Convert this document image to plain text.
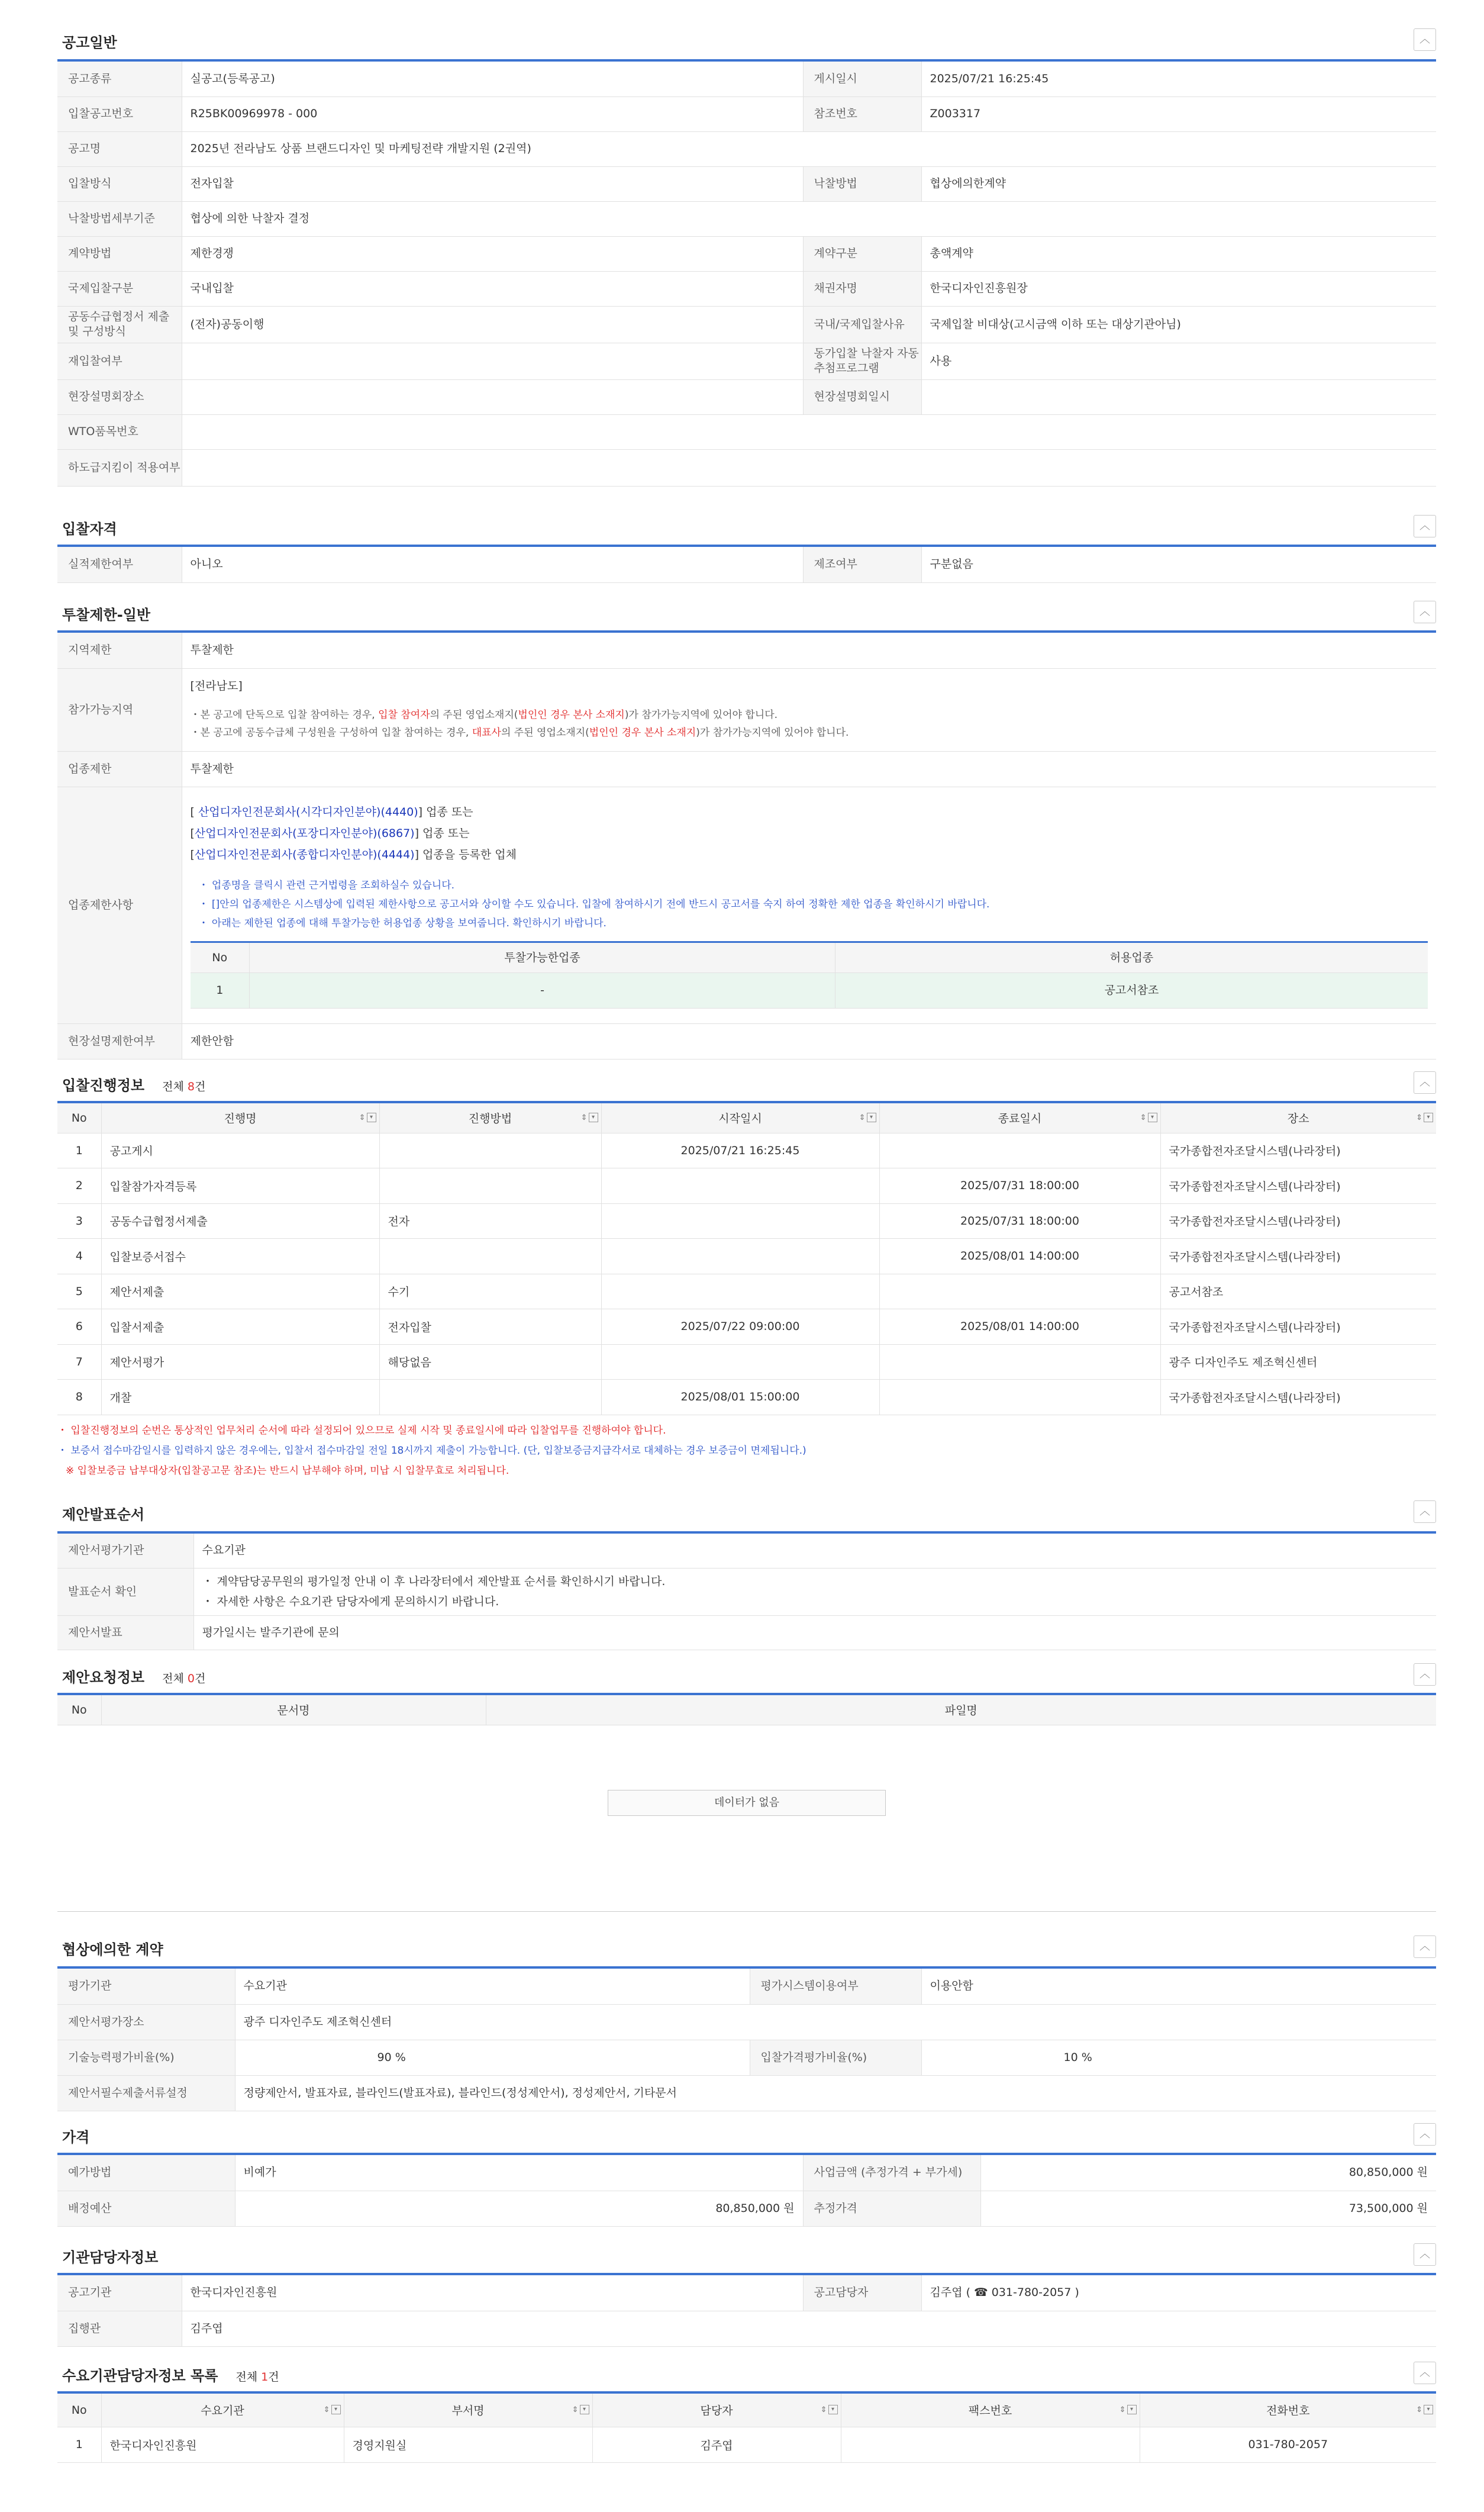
공고일반	︿
공고종류	실공고(등록공고)	게시일시	2025/07/21 16:25:45
입찰공고번호	R25BK00969978 - 000	참조번호	Z003317
공고명	2025년 전라남도 상품 브랜드디자인 및 마케팅전략 개발지원 (2권역)		
입찰방식	전자입찰	낙찰방법	협상에의한계약
낙찰방법세부기준	협상에 의한 낙찰자 결정		
계약방법	제한경쟁	계약구분	총액계약
국제입찰구분	국내입찰	채권자명	한국디자인진흥원장
공동수급협정서 제출 및 구성방식	(전자)공동이행	국내/국제입찰사유	국제입찰 비대상(고시금액 이하 또는 대상기관아님)
재입찰여부		동가입찰 낙찰자 자동추첨프로그램	사용
현장설명회장소		현장설명회일시	
WTO품목번호			
하도급지킴이 적용여부			
입찰자격	︿
실적제한여부	아니오	제조여부	구분없음
투찰제한-일반	︿
지역제한	투찰제한
참가가능지역	
[전라남도]
・본 공고에 단독으로 입찰 참여하는 경우, 입찰 참여자의 주된 영업소재지(법인인 경우 본사 소재지)가 참가가능지역에 있어야 합니다.
・본 공고에 공동수급체 구성원을 구성하여 입찰 참여하는 경우, 대표사의 주된 영업소재지(법인인 경우 본사 소재지)가 참가가능지역에 있어야 합니다.

업종제한	투찰제한
업종제한사항	
[ 산업디자인전문회사(시각디자인분야)(4440)] 업종 또는
[산업디자인전문회사(포장디자인분야)(6867)] 업종 또는
[산업디자인전문회사(종합디자인분야)(4444)] 업종을 등록한 업체
・ 업종명을 클릭시 관련 근거법령을 조회하실수 있습니다.
・ []안의 업종제한은 시스템상에 입력된 제한사항으로 공고서와 상이할 수도 있습니다. 입찰에 참여하시기 전에 반드시 공고서를 숙지 하여 정확한 제한 업종을 확인하시기 바랍니다.
・ 아래는 제한된 업종에 대해 투찰가능한 허용업종 상황을 보여줍니다. 확인하시기 바랍니다.
No	투찰가능한업종	허용업종
1	-	공고서참조

현장설명제한여부	제한안함
입찰진행정보 전체 8건	︿
No	진행명 ⇕ ▾	진행방법 ⇕ ▾	시작일시 ⇕ ▾	종료일시 ⇕ ▾	장소 ⇕ ▾

1	공고게시		2025/07/21 16:25:45		국가종합전자조달시스템(나라장터)
2	입찰참가자격등록			2025/07/31 18:00:00	국가종합전자조달시스템(나라장터)
3	공동수급협정서제출	전자		2025/07/31 18:00:00	국가종합전자조달시스템(나라장터)
4	입찰보증서접수			2025/08/01 14:00:00	국가종합전자조달시스템(나라장터)
5	제안서제출	수기			공고서참조
6	입찰서제출	전자입찰	2025/07/22 09:00:00	2025/08/01 14:00:00	국가종합전자조달시스템(나라장터)
7	제안서평가	해당없음			광주 디자인주도 제조혁신센터
8	개찰		2025/08/01 15:00:00		국가종합전자조달시스템(나라장터)
・ 입찰진행정보의 순번은 통상적인 업무처리 순서에 따라 설정되어 있으므로 실제 시작 및 종료일시에 따라 입찰업무를 진행하여야 합니다.
・ 보증서 접수마감일시를 입력하지 않은 경우에는, 입찰서 접수마감일 전일 18시까지 제출이 가능합니다. (단, 입찰보증금지급각서로 대체하는 경우 보증금이 면제됩니다.)
※ 입찰보증금 납부대상자(입찰공고문 참조)는 반드시 납부해야 하며, 미납 시 입찰무효로 처리됩니다.
제안발표순서	︿
제안서평가기관	수요기관
발표순서 확인	・ 계약담당공무원의 평가일정 안내 이 후 나라장터에서 제안발표 순서를 확인하시기 바랍니다.
・ 자세한 사항은 수요기관 담당자에게 문의하시기 바랍니다.

제안서발표	평가일시는 발주기관에 문의
제안요청정보 전체 0건	︿
No	문서명	파일명
데이터가 없음
협상에의한 계약	︿
평가기관	수요기관	평가시스템이용여부	이용안함
제안서평가장소	광주 디자인주도 제조혁신센터		
기술능력평가비율(%)	90 %	입찰가격평가비율(%)	10 %
제안서필수제출서류설정	정량제안서, 발표자료, 블라인드(발표자료), 블라인드(정성제안서), 정성제안서, 기타문서		
가격	︿
예가방법	비예가	사업금액 (추정가격 + 부가세)	80,850,000 원
배정예산	80,850,000 원	추정가격	73,500,000 원
기관담당자정보	︿
공고기관	한국디자인진흥원	공고담당자	김주엽 ( ☎ 031-780-2057 )
집행관	김주엽		
수요기관담당자정보 목록 전체 1건	︿
No	수요기관 ⇕ ▾	부서명 ⇕ ▾	담당자 ⇕ ▾	팩스번호 ⇕ ▾	전화번호 ⇕ ▾

1	한국디자인진흥원	경영지원실	김주엽		031-780-2057
